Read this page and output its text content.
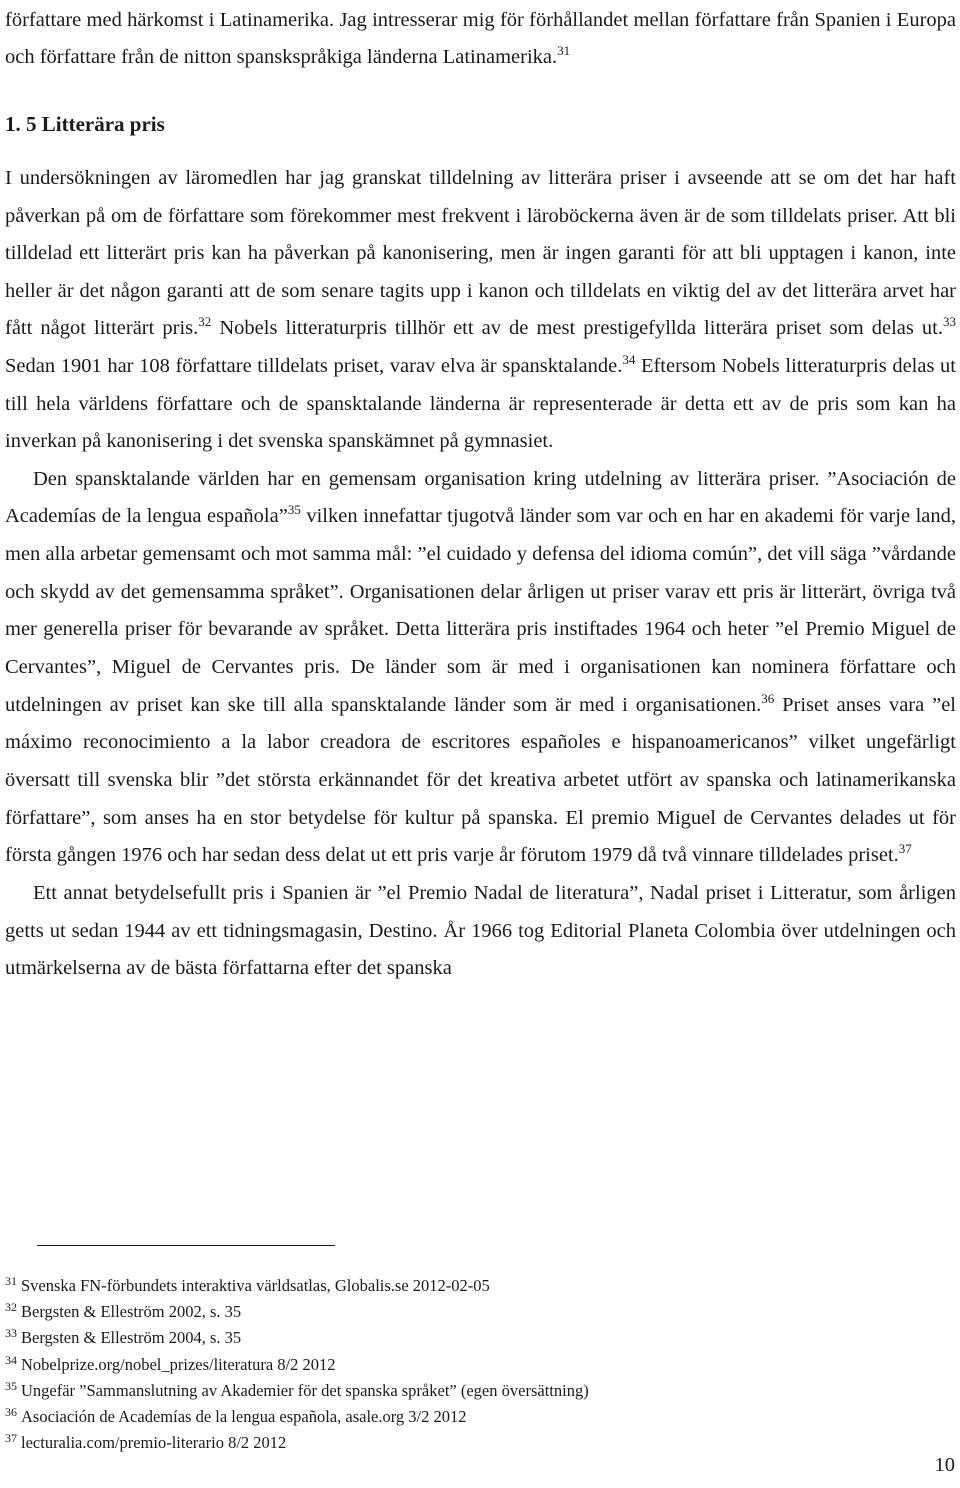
författare med härkomst i Latinamerika. Jag intresserar mig för förhållandet mellan författare från Spanien i Europa och författare från de nitton spanskspråkiga länderna Latinamerika.$^{31}$

1. 5 Litterära pris

I undersökningen av läromedlen har jag granskat tilldelning av litterära priser i avseende att se om det har haft påverkan på om de författare som förekommer mest frekvent i läroböckerna även är de som tilldelats priser. Att bli tilldelad ett litterärt pris kan ha påverkan på kanonisering, men är ingen garanti för att bli upptagen i kanon, inte heller är det någon garanti att de som senare tagits upp i kanon och tilldelats en viktig del av det litterära arvet har fått något litterärt pris.$^{32}$ Nobels litteraturpris tillhör ett av de mest prestigefyllda litterära priset som delas ut.$^{33}$ Sedan 1901 har 108 författare tilldelats priset, varav elva är spansktalande.$^{34}$ Eftersom Nobels litteraturpris delas ut till hela världens författare och de spansktalande länderna är representerade är detta ett av de pris som kan ha inverkan på kanonisering i det svenska spanskämnet på gymnasiet.

Den spansktalande världen har en gemensam organisation kring utdelning av litterära priser. ”Asociación de Academías de la lengua española”$^{35}$ vilken innefattar tjugotvå länder som var och en har en akademi för varje land, men alla arbetar gemensamt och mot samma mål: ”el cuidado y defensa del idioma común”, det vill säga ”vårdande och skydd av det gemensamma språket”. Organisationen delar årligen ut priser varav ett pris är litterärt, övriga två mer generella priser för bevarande av språket. Detta litterära pris instiftades 1964 och heter ”el Premio Miguel de Cervantes”, Miguel de Cervantes pris. De länder som är med i organisationen kan nominera författare och utdelningen av priset kan ske till alla spansktalande länder som är med i organisationen.$^{36}$ Priset anses vara ”el máximo reconocimiento a la labor creadora de escritores españoles e hispanoamericanos” vilket ungefärligt översatt till svenska blir ”det största erkännandet för det kreativa arbetet utfört av spanska och latinamerikanska författare”, som anses ha en stor betydelse för kultur på spanska. El premio Miguel de Cervantes delades ut för första gången 1976 och har sedan dess delat ut ett pris varje år förutom 1979 då två vinnare tilldelades priset.$^{37}$

Ett annat betydelsefullt pris i Spanien är ”el Premio Nadal de literatura”, Nadal priset i Litteratur, som årligen getts ut sedan 1944 av ett tidningsmagasin, Destino. År 1966 tog Editorial Planeta Colombia över utdelningen och utmärkelserna av de bästa författarna efter det spanska

$^{31}$ Svenska FN-förbundets interaktiva världsatlas, Globalis.se 2012-02-05
$^{32}$ Bergsten & Elleström 2002, s. 35
$^{33}$ Bergsten & Elleström 2004, s. 35
$^{34}$ Nobelprize.org/nobel_prizes/literatura 8/2 2012
$^{35}$ Ungefär ”Sammanslutning av Akademier för det spanska språket” (egen översättning)
$^{36}$ Asociación de Academías de la lengua española, asale.org 3/2 2012
$^{37}$ lecturalia.com/premio-literario 8/2 2012
10
